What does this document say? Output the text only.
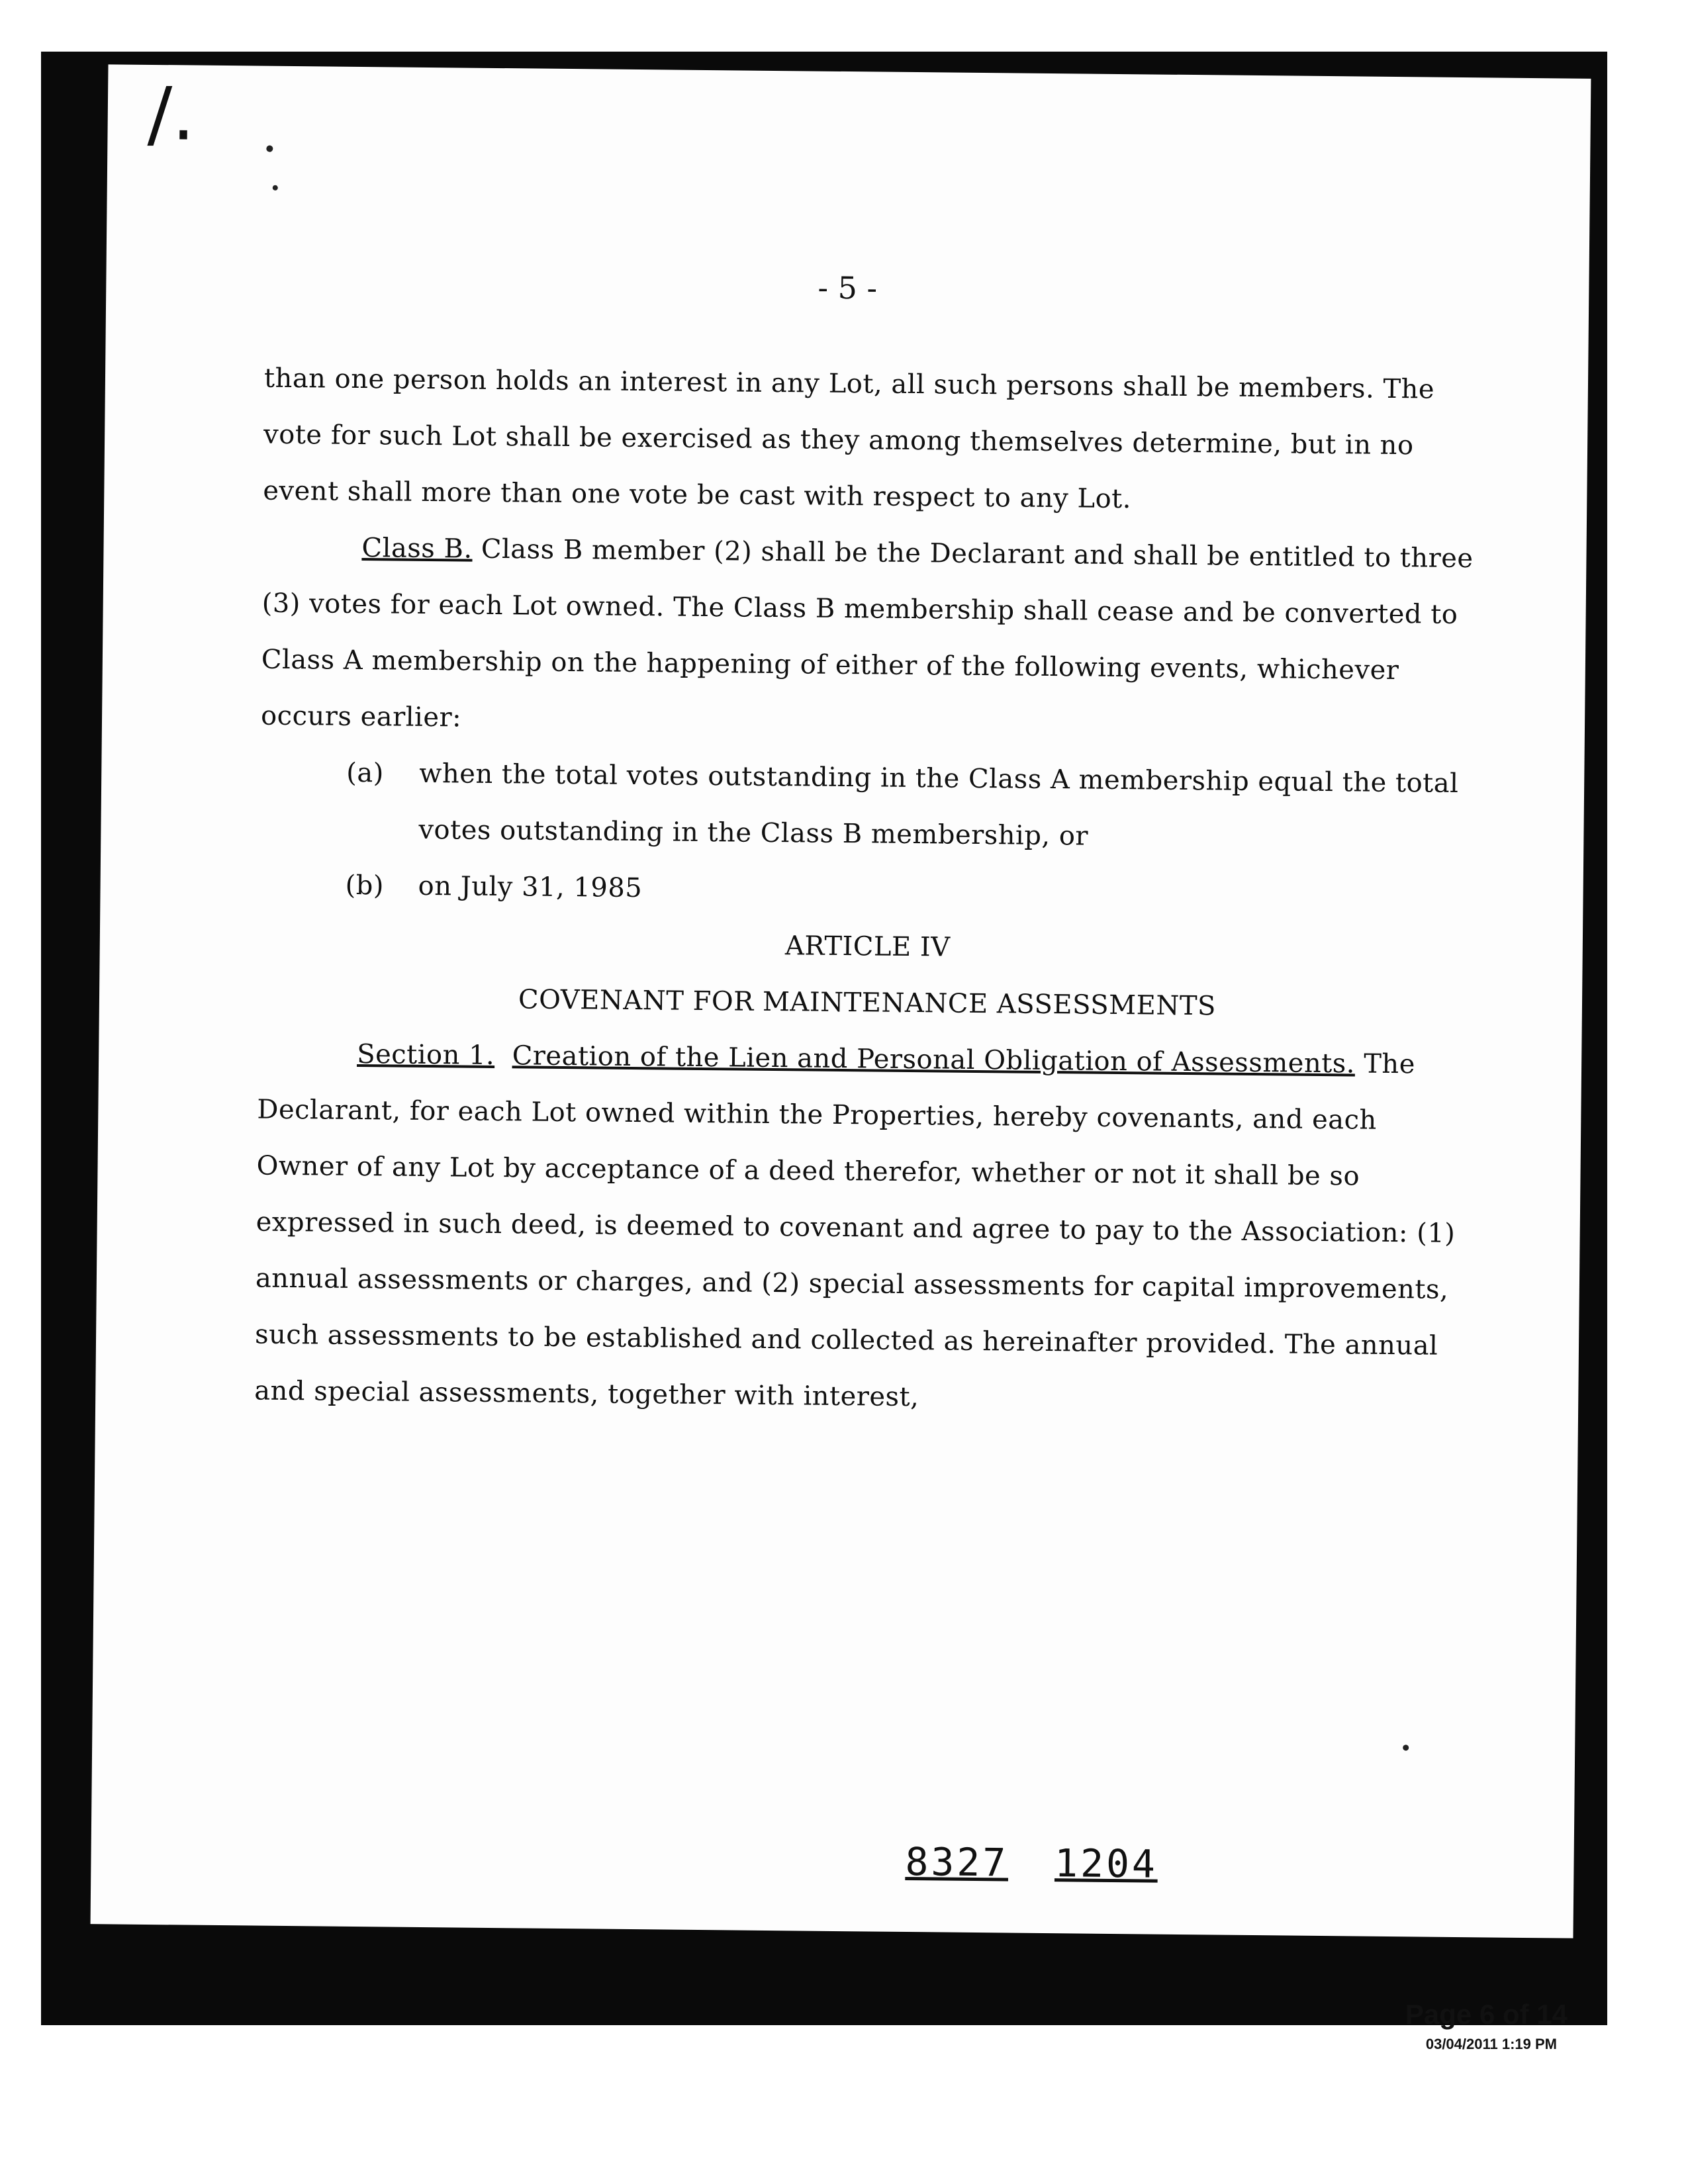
/.
- 5 -

than one person holds an interest in any Lot, all such persons shall be members. The vote for such Lot shall be exercised as they among themselves determine, but in no event shall more than one vote be cast with respect to any Lot.

Class B. Class B member (2) shall be the Declarant and shall be entitled to three (3) votes for each Lot owned. The Class B membership shall cease and be converted to Class A membership on the happening of either of the following events, whichever occurs earlier:

(a)	when the total votes outstanding in the Class A membership equal the total votes outstanding in the Class B membership, or
(b)	on July 31, 1985

ARTICLE IV

COVENANT FOR MAINTENANCE ASSESSMENTS

Section 1. Creation of the Lien and Personal Obligation of Assessments. The Declarant, for each Lot owned within the Properties, hereby covenants, and each Owner of any Lot by acceptance of a deed therefor, whether or not it shall be so expressed in such deed, is deemed to covenant and agree to pay to the Association: (1) annual assessments or charges, and (2) special assessments for capital improvements, such assessments to be established and collected as hereinafter provided. The annual and special assessments, together with interest,

8327 1204
Page 6 of 14
03/04/2011 1:19 PM
